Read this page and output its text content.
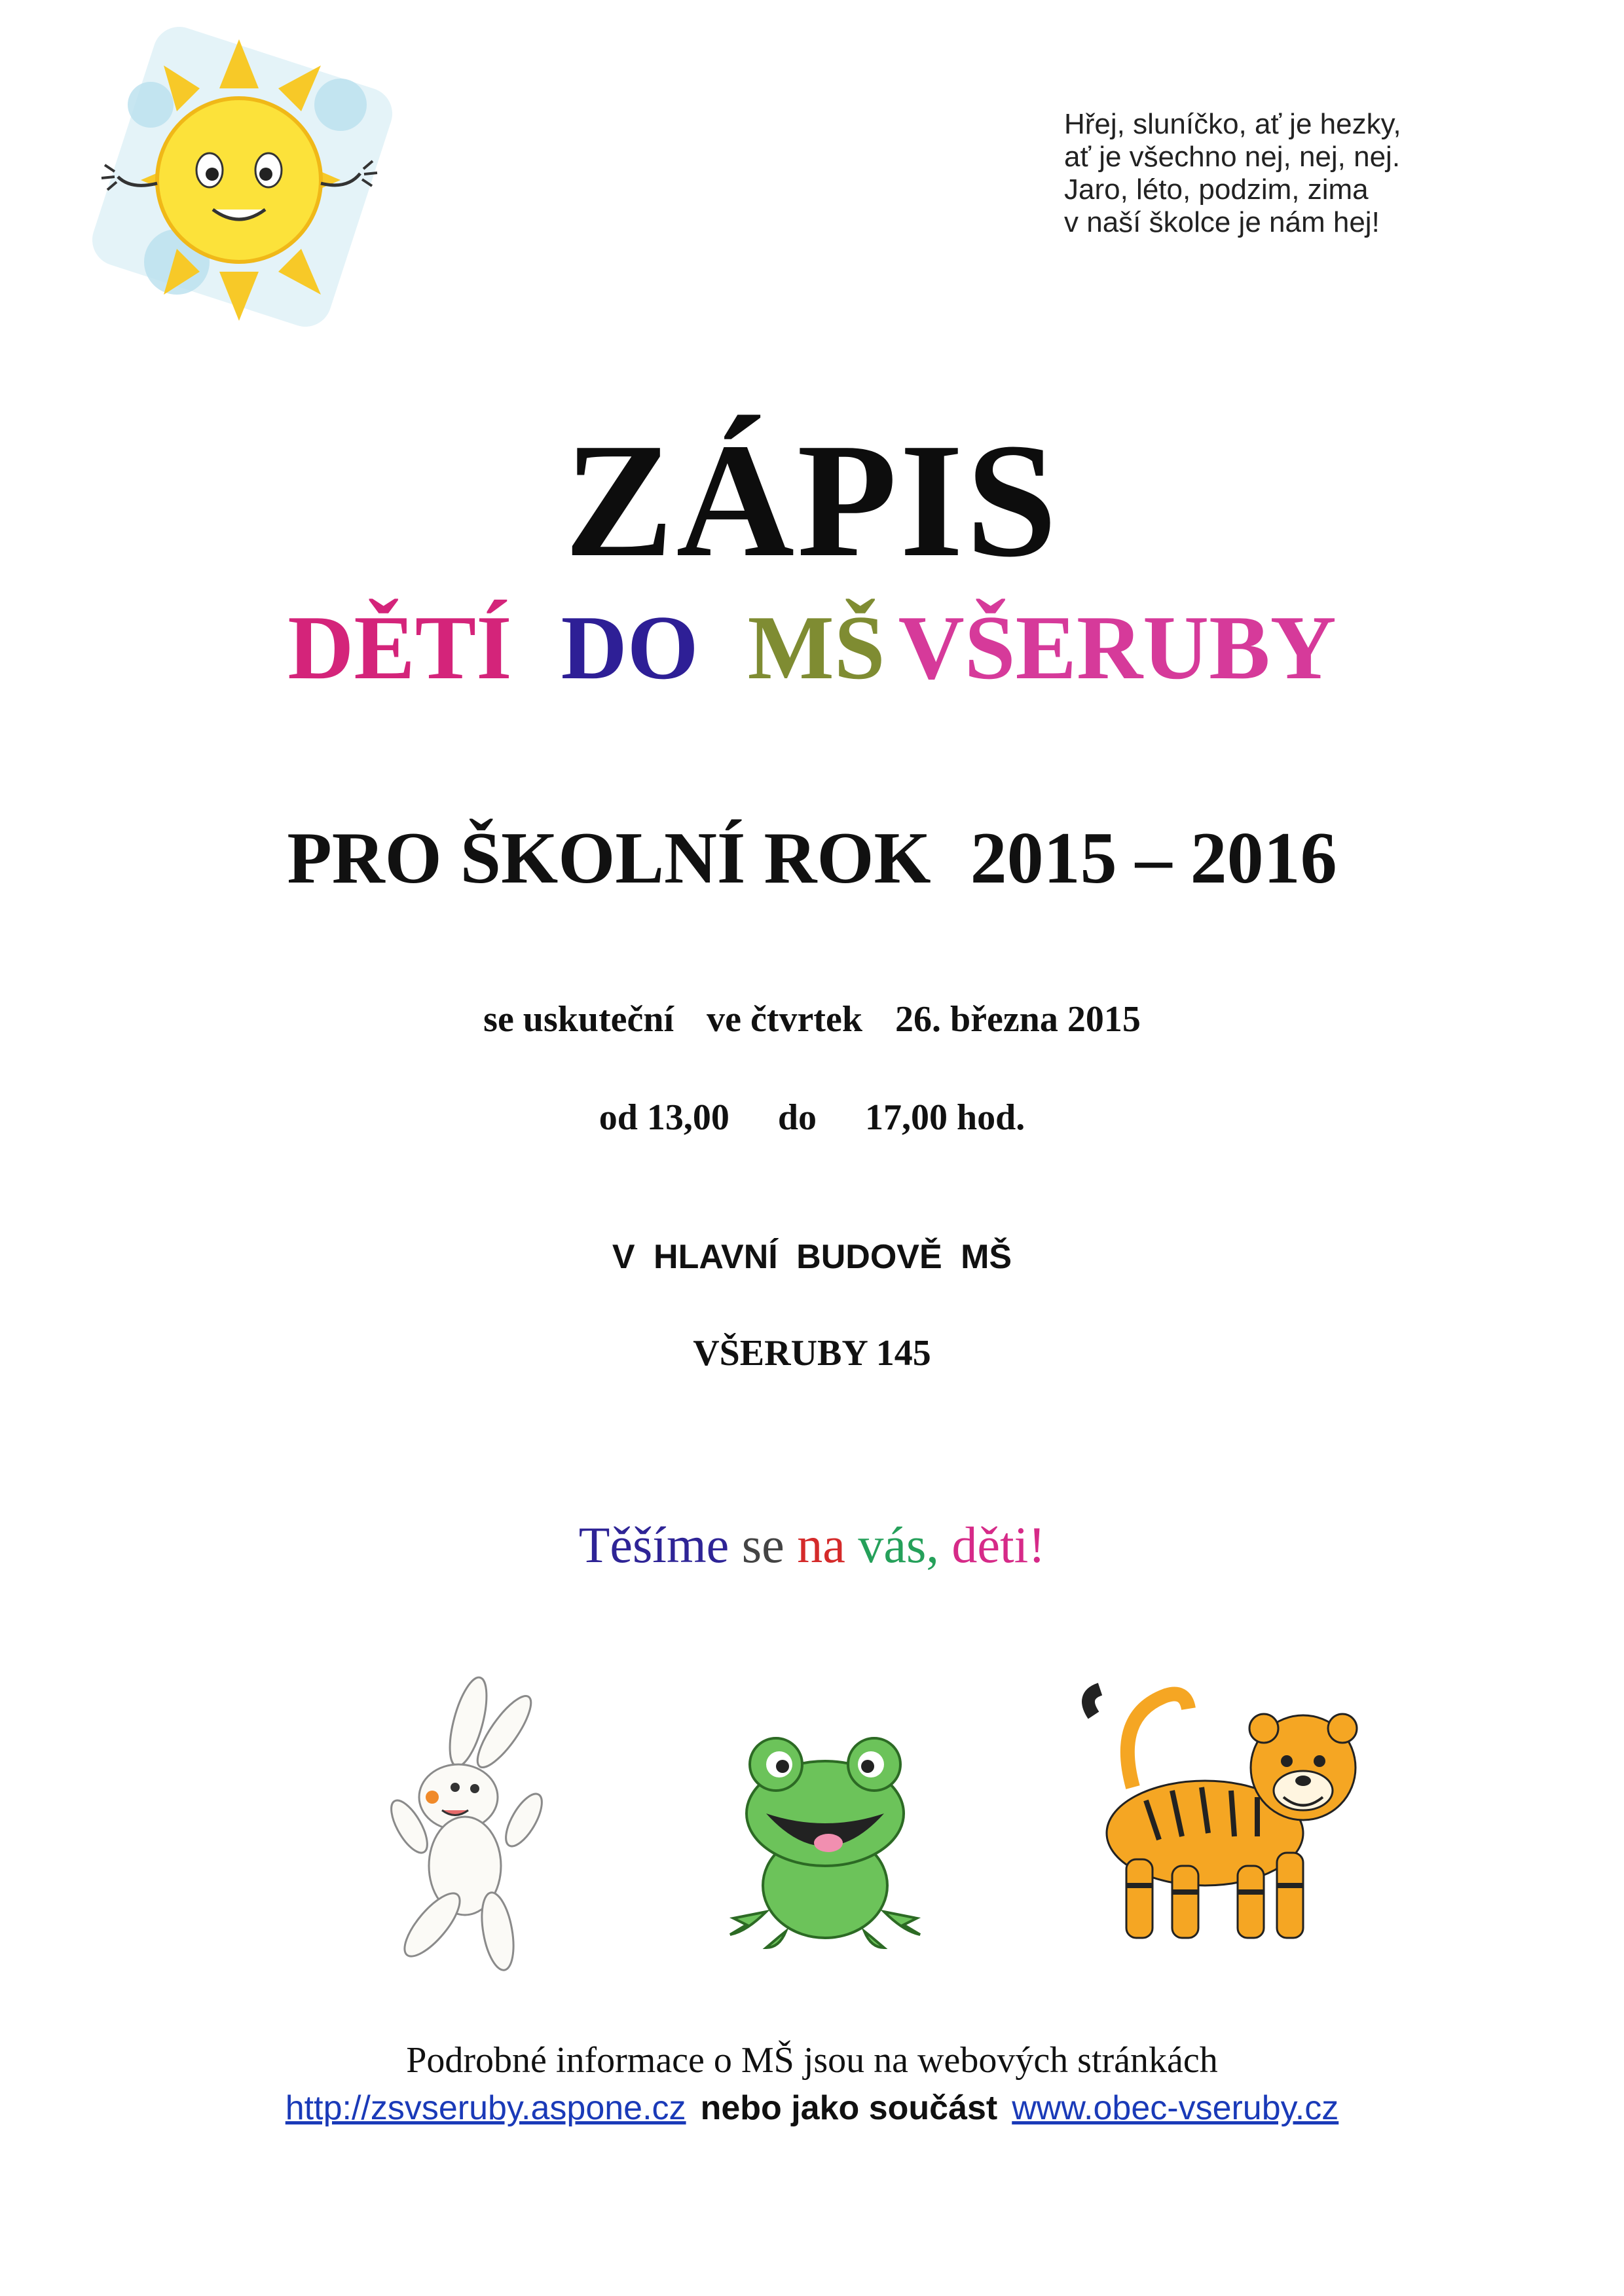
Hřej, sluníčko, ať je hezky,
ať je všechno nej, nej, nej.
Jaro, léto, podzim, zima
v naší školce je nám hej!
ZÁPIS
DĚTÍ DO MŠ VŠERUBY
PRO ŠKOLNÍ ROK 2015 – 2016
se uskuteční ve čtvrtek 26. března 2015
od 13,00 do 17,00 hod.
V HLAVNÍ BUDOVĚ MŠ
VŠERUBY 145
Těšíme se na vás, děti!
Podrobné informace o MŠ jsou na webových stránkách
http://zsvseruby.aspone.cz nebo jako součást www.obec-vseruby.cz
